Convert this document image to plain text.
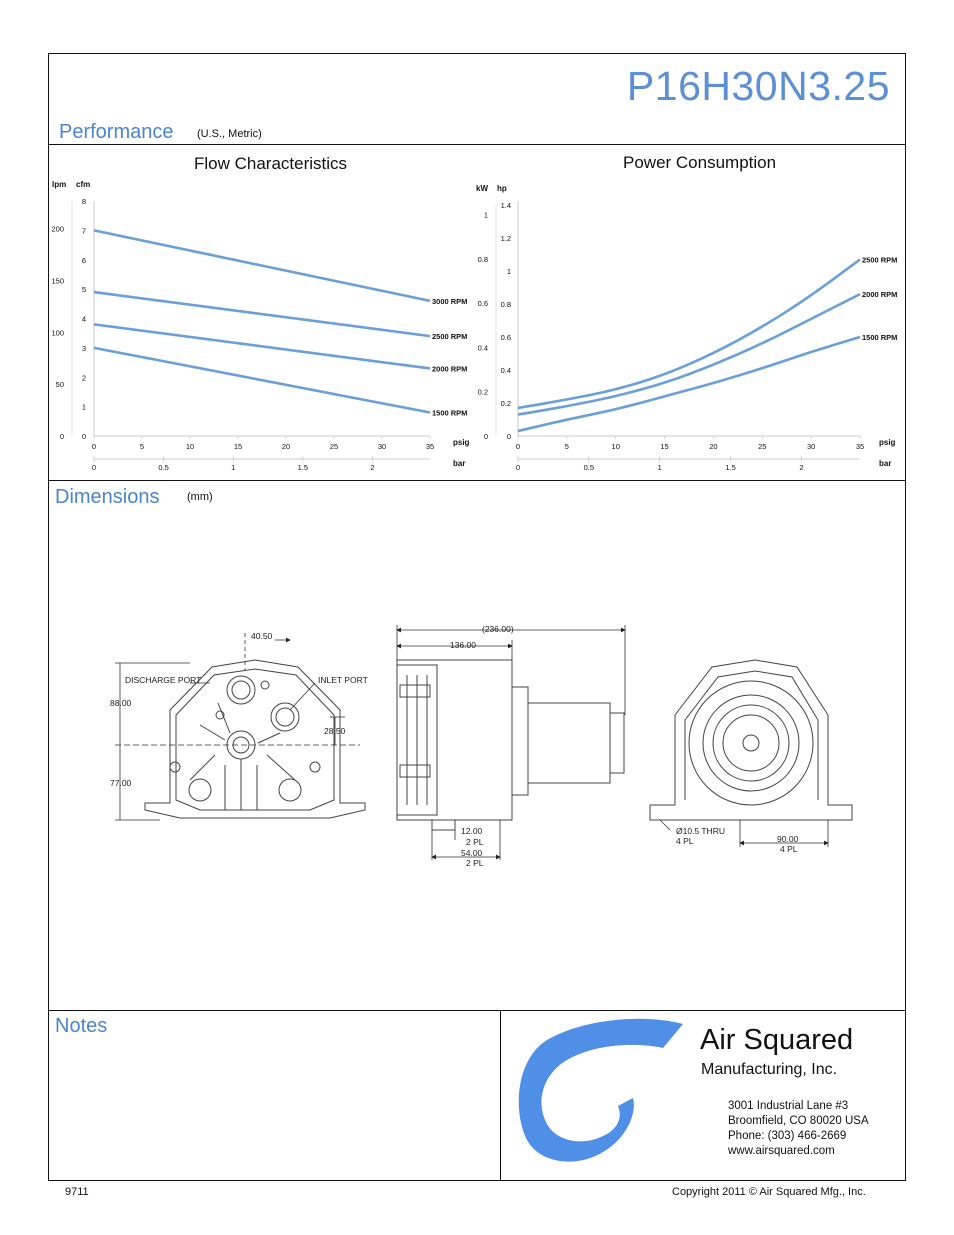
P16H30N3.25
Performance (U.S., Metric)
Flow Characteristics	Power Consumption
lpm cfm
0
1
2
3
4
5
6
7
8
0
50
100
150
200
0	5	10	15	20	25	30	35 psig
0	0.5	1	1.5	2	bar
3000 RPM
2500 RPM
2000 RPM
1500 RPM
kW hp
0
0.2
0.4
0.6
0.8
1
1.2
1.4
0
0.2
0.4
0.6
0.8
1
0	5	10	15	20	25	30	35 psig
0	0.5	1	1.5	2	bar
2500 RPM
2000 RPM
1500 RPM
Dimensions	(mm)
40.50
DISCHARGE PORT	INLET PORT
88.00
28.50
77.00
(236.00)
136.00
12.00
2 PL
54.00
2 PL
Ø10.5 THRU
4 PL	90.00
4 PL
Notes	Air Squared
Manufacturing, Inc.
3001 Industrial Lane #3
Broomfield, CO 80020 USA
Phone: (303) 466-2669
www.airsquared.com
9711	Copyright 2011 © Air Squared Mfg., Inc.
